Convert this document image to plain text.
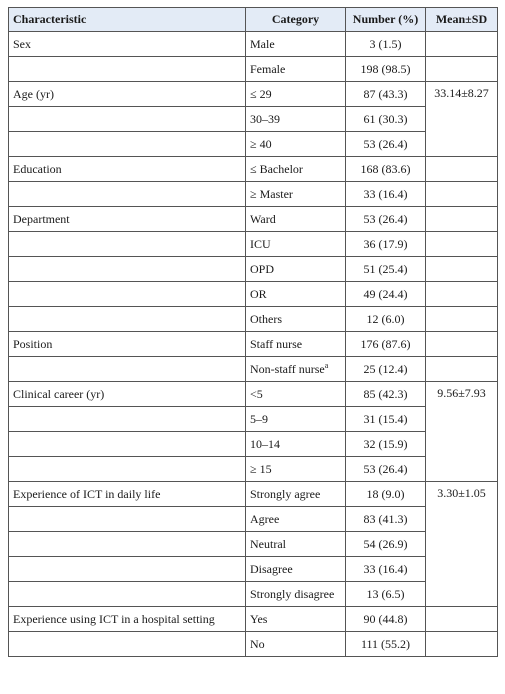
Characteristic	Category	Number (%)	Mean±SD
Sex	Male	3 (1.5)	
	Female	198 (98.5)	
Age (yr)	≤ 29	87 (43.3)	33.14±8.27
	30–39	61 (30.3)	
	≥ 40	53 (26.4)	
Education	≤ Bachelor	168 (83.6)	
	≥ Master	33 (16.4)	
Department	Ward	53 (26.4)	
	ICU	36 (17.9)	
	OPD	51 (25.4)	
	OR	49 (24.4)	
	Others	12 (6.0)	
Position	Staff nurse	176 (87.6)	
	Non-staff nurse$^a$	25 (12.4)	
Clinical career (yr)	<5	85 (42.3)	9.56±7.93
	5–9	31 (15.4)	
	10–14	32 (15.9)	
	≥ 15	53 (26.4)	
Experience of ICT in daily life	Strongly agree	18 (9.0)	3.30±1.05
	Agree	83 (41.3)	
	Neutral	54 (26.9)	
	Disagree	33 (16.4)	
	Strongly disagree	13 (6.5)	
Experience using ICT in a hospital setting	Yes	90 (44.8)	
	No	111 (55.2)	
